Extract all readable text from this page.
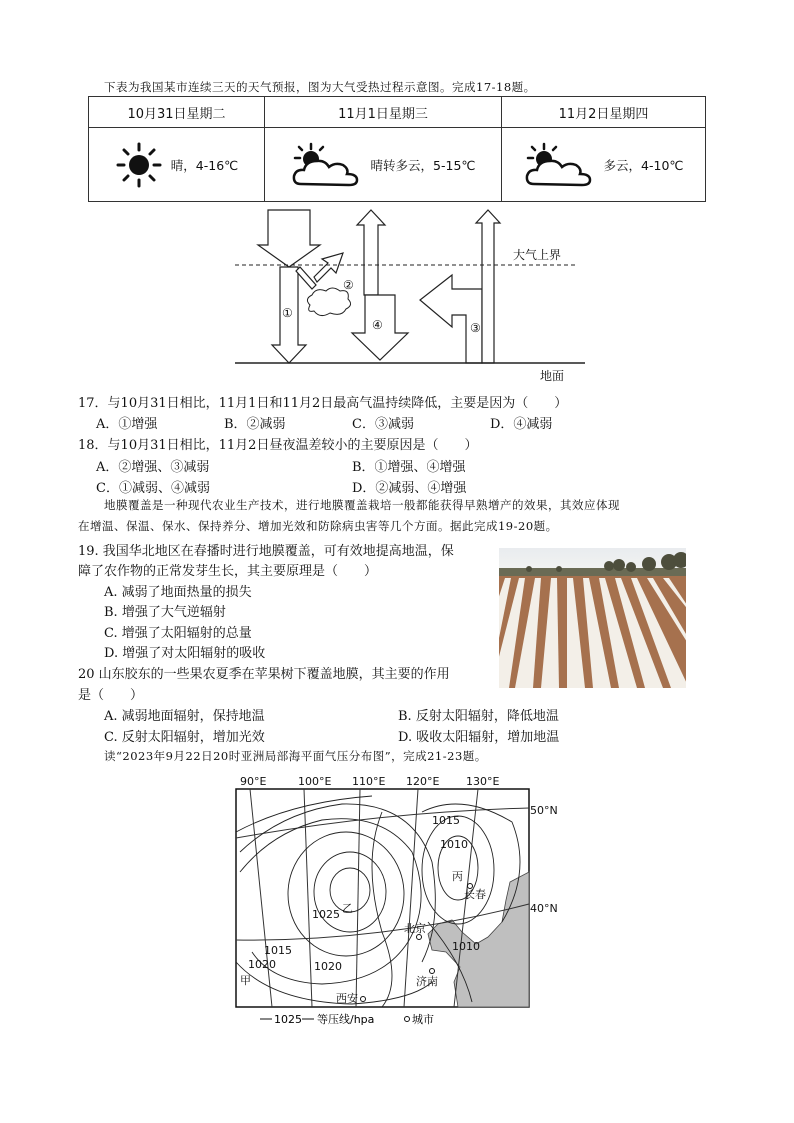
下表为我国某市连续三天的天气预报，图为大气受热过程示意图。完成17-18题。
10月31日星期二	11月1日星期三	11月2日星期四

晴，4-16℃	晴转多云，5-15℃	多云，4-10℃
大气上界
地面
①
②
③
④
17．与10月31日相比，11月1日和11月2日最高气温持续降低，主要是因为（　　）
A．①增强	B．②减弱	C．③减弱	D．④减弱
18．与10月31日相比，11月2日昼夜温差较小的主要原因是（　　）
A．②增强、③减弱	B．①增强、④增强
C．①减弱、④减弱	D．②减弱、④增强
地膜覆盖是一种现代农业生产技术，进行地膜覆盖栽培一般都能获得早熟增产的效果，其效应体现
在增温、保温、保水、保持养分、增加光效和防除病虫害等几个方面。据此完成19-20题。
19. 我国华北地区在春播时进行地膜覆盖，可有效地提高地温，保
障了农作物的正常发芽生长，其主要原理是（　　）
A. 减弱了地面热量的损失
B. 增强了大气逆辐射
C. 增强了太阳辐射的总量
D. 增强了对太阳辐射的吸收
20 山东胶东的一些果农夏季在苹果树下覆盖地膜，其主要的作用
是（　　）
A. 减弱地面辐射，保持地温	B. 反射太阳辐射，降低地温
C. 反射太阳辐射，增加光效	D. 吸收太阳辐射，增加地温
读“2023年9月22日20时亚洲局部海平面气压分布图”，完成21-23题。
90°E	100°E 110°E 120°E 130°E
50°N
40°N
1015
1010
1025
1015
1020	1020
1010
甲
乙
丙
北京
长春
济南
西安
1025 等压线/hpa	城市
